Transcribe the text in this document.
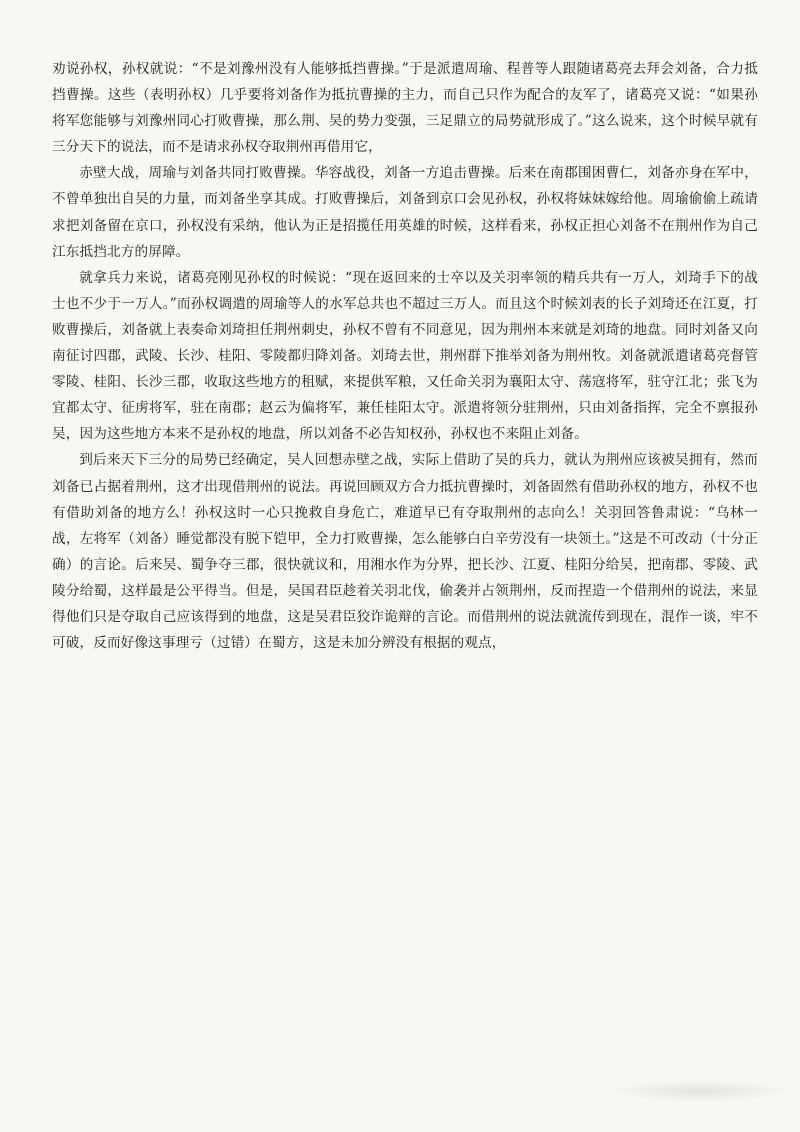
劝说孙权，孙权就说：“不是刘豫州没有人能够抵挡曹操。”于是派遣周瑜、程普等人跟随诸葛亮去拜会刘备，合力抵挡曹操。这些（表明孙权）几乎要将刘备作为抵抗曹操的主力，而自己只作为配合的友军了，诸葛亮又说：“如果孙将军您能够与刘豫州同心打败曹操，那么荆、吴的势力变强，三足鼎立的局势就形成了。”这么说来，这个时候早就有三分天下的说法，而不是请求孙权夺取荆州再借用它，

赤壁大战，周瑜与刘备共同打败曹操。华容战役，刘备一方追击曹操。后来在南郡围困曹仁，刘备亦身在军中，不曾单独出自吴的力量，而刘备坐享其成。打败曹操后，刘备到京口会见孙权，孙权将妹妹嫁给他。周瑜偷偷上疏请求把刘备留在京口，孙权没有采纳，他认为正是招揽任用英雄的时候，这样看来，孙权正担心刘备不在荆州作为自己江东抵挡北方的屏障。

就拿兵力来说，诸葛亮刚见孙权的时候说：“现在返回来的士卒以及关羽率领的精兵共有一万人，刘琦手下的战士也不少于一万人。”而孙权调遣的周瑜等人的水军总共也不超过三万人。而且这个时候刘表的长子刘琦还在江夏，打败曹操后，刘备就上表奏命刘琦担任荆州刺史，孙权不曾有不同意见，因为荆州本来就是刘琦的地盘。同时刘备又向南征讨四郡，武陵、长沙、桂阳、零陵都归降刘备。刘琦去世，荆州群下推举刘备为荆州牧。刘备就派遣诸葛亮督管零陵、桂阳、长沙三郡，收取这些地方的租赋，来提供军粮，又任命关羽为襄阳太守、荡寇将军，驻守江北；张飞为宜都太守、征虏将军，驻在南郡；赵云为偏将军，兼任桂阳太守。派遣将领分驻荆州，只由刘备指挥，完全不禀报孙吴，因为这些地方本来不是孙权的地盘，所以刘备不必告知权孙，孙权也不来阻止刘备。

到后来天下三分的局势已经确定，吴人回想赤壁之战，实际上借助了吴的兵力，就认为荆州应该被吴拥有，然而刘备已占据着荆州，这才出现借荆州的说法。再说回顾双方合力抵抗曹操时，刘备固然有借助孙权的地方，孙权不也有借助刘备的地方么！孙权这时一心只挽救自身危亡，难道早已有夺取荆州的志向么！关羽回答鲁肃说：“乌林一战，左将军（刘备）睡觉都没有脱下铠甲，全力打败曹操，怎么能够白白辛劳没有一块领土。”这是不可改动（十分正确）的言论。后来吴、蜀争夺三郡，很快就议和，用湘水作为分界，把长沙、江夏、桂阳分给吴，把南郡、零陵、武陵分给蜀，这样最是公平得当。但是，吴国君臣趁着关羽北伐，偷袭并占领荆州，反而捏造一个借荆州的说法，来显得他们只是夺取自己应该得到的地盘，这是吴君臣狡诈诡辩的言论。而借荆州的说法就流传到现在，混作一谈，牢不可破，反而好像这事理亏（过错）在蜀方，这是未加分辨没有根据的观点，
